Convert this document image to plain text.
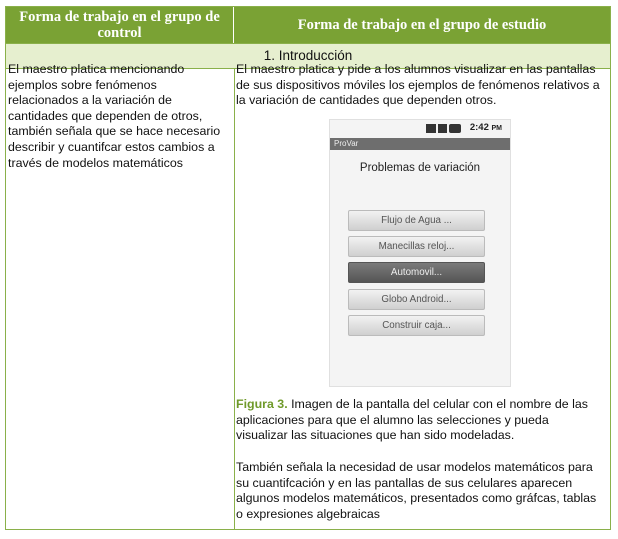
Forma de trabajo en el grupo de control	Forma de trabajo en el grupo de estudio
1. Introducción

El maestro platica mencionando ejemplos sobre fenómenos relacionados a la variación de cantidades que dependen de otros, también señala que se hace necesario describir y cuantifcar estos cambios a través de modelos matemáticos

El maestro platica y pide a los alumnos visualizar en las pantallas de sus dispositivos móviles los ejemplos de fenómenos relativos a la variación de cantidades que dependen otros.

2:42 PM
ProVar
Problemas de variación
Flujo de Agua ...
Manecillas reloj...
Automovil...
Globo Android...
Construir caja...
Figura 3. Imagen de la pantalla del celular con el nombre de las aplicaciones para que el alumno las selecciones y pueda visualizar las situaciones que han sido modeladas.
También señala la necesidad de usar modelos matemáticos para su cuantifcación y en las pantallas de sus celulares aparecen algunos modelos matemáticos, presentados como gráfcas, tablas o expresiones algebraicas
